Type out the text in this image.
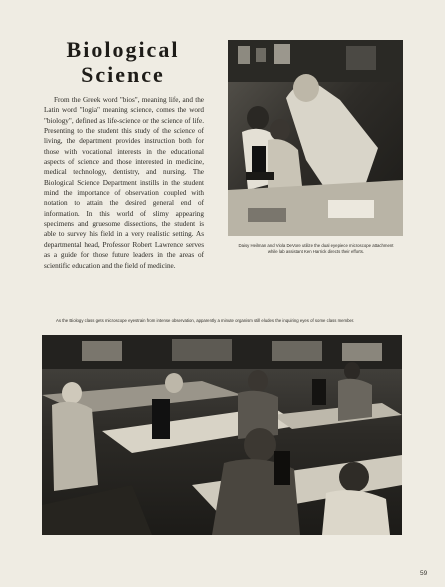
Biological
Science

From the Greek word "bios", meaning life, and the Latin word "logia" meaning science, comes the word "biology", defined as life-science or the science of life. Presenting to the student this study of the science of living, the department provides instruction both for those with vocational interests in the educational aspects of science and those interested in medicine, medical technology, dentistry, and nursing. The Biological Science Department instills in the student mind the importance of observation coupled with notation to attain the desired general end of information. In this world of slimy appearing specimens and gruesome dissections, the student is able to survey his field in a very realistic setting. As departmental head, Professor Robert Lawrence serves as a guide for those future leaders in the areas of scientific education and the field of medicine.

Daisy Heilman and Viola DeVore utilize the dual eyepiece microscope attachment while lab assistant Ken Harrick directs their efforts.

As the Biology class gets microscope eyestrain from intense observation, apparently a minute organism still eludes the inquiring eyes of some class member.

59
